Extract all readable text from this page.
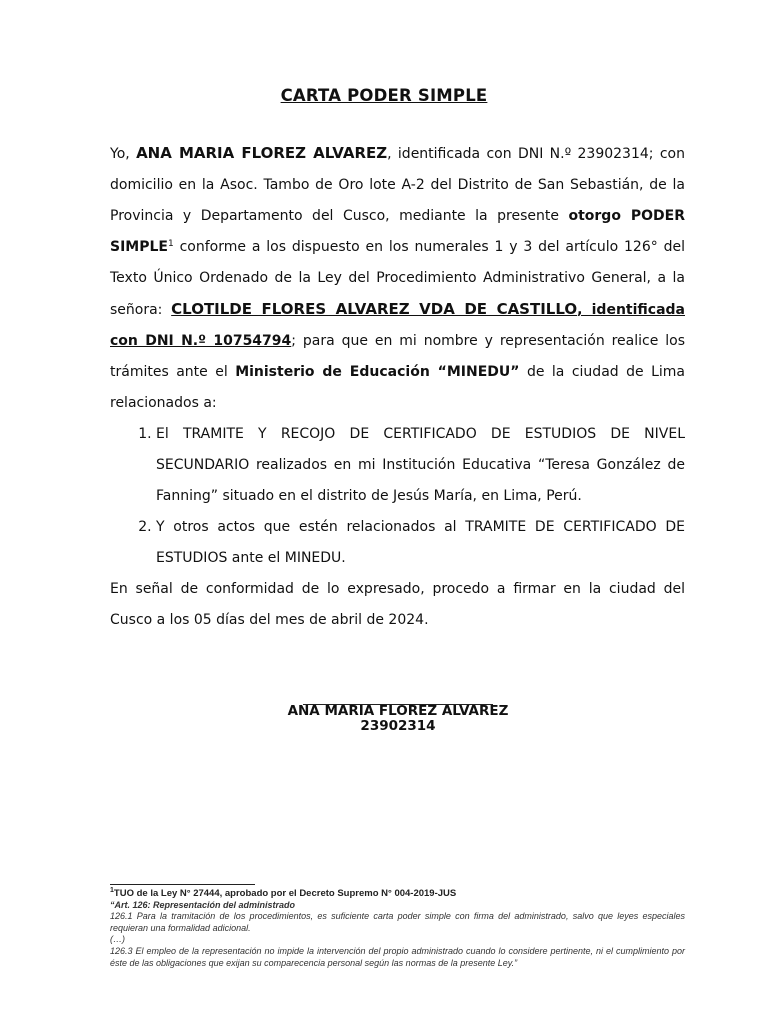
CARTA PODER SIMPLE

Yo, ANA MARIA FLOREZ ALVAREZ, identificada con DNI N.º 23902314; con domicilio en la Asoc. Tambo de Oro lote A-2 del Distrito de San Sebastián, de la Provincia y Departamento del Cusco, mediante la presente otorgo PODER SIMPLE$^1$ conforme a los dispuesto en los numerales 1 y 3 del artículo 126° del Texto Único Ordenado de la Ley del Procedimiento Administrativo General, a la señora: CLOTILDE FLORES ALVAREZ VDA DE CASTILLO, identificada con DNI N.º 10754794; para que en mi nombre y representación realice los trámites ante el Ministerio de Educación “MINEDU” de la ciudad de Lima relacionados a:

1. El TRAMITE Y RECOJO DE CERTIFICADO DE ESTUDIOS DE NIVEL SECUNDARIO realizados en mi Institución Educativa “Teresa González de Fanning” situado en el distrito de Jesús María, en Lima, Perú.
2. Y otros actos que estén relacionados al TRAMITE DE CERTIFICADO DE ESTUDIOS ante el MINEDU.

En señal de conformidad de lo expresado, procedo a firmar en la ciudad del Cusco a los 05 días del mes de abril de 2024.

ANA MARIA FLOREZ ALVAREZ
23902314
$^1$TUO de la Ley N° 27444, aprobado por el Decreto Supremo N° 004-2019-JUS
“Art. 126: Representación del administrado
126.1 Para la tramitación de los procedimientos, es suficiente carta poder simple con firma del administrado, salvo que leyes especiales requieran una formalidad adicional.
(…)
126.3 El empleo de la representación no impide la intervención del propio administrado cuando lo considere pertinente, ni el cumplimiento por éste de las obligaciones que exijan su comparecencia personal según las normas de la presente Ley.”
